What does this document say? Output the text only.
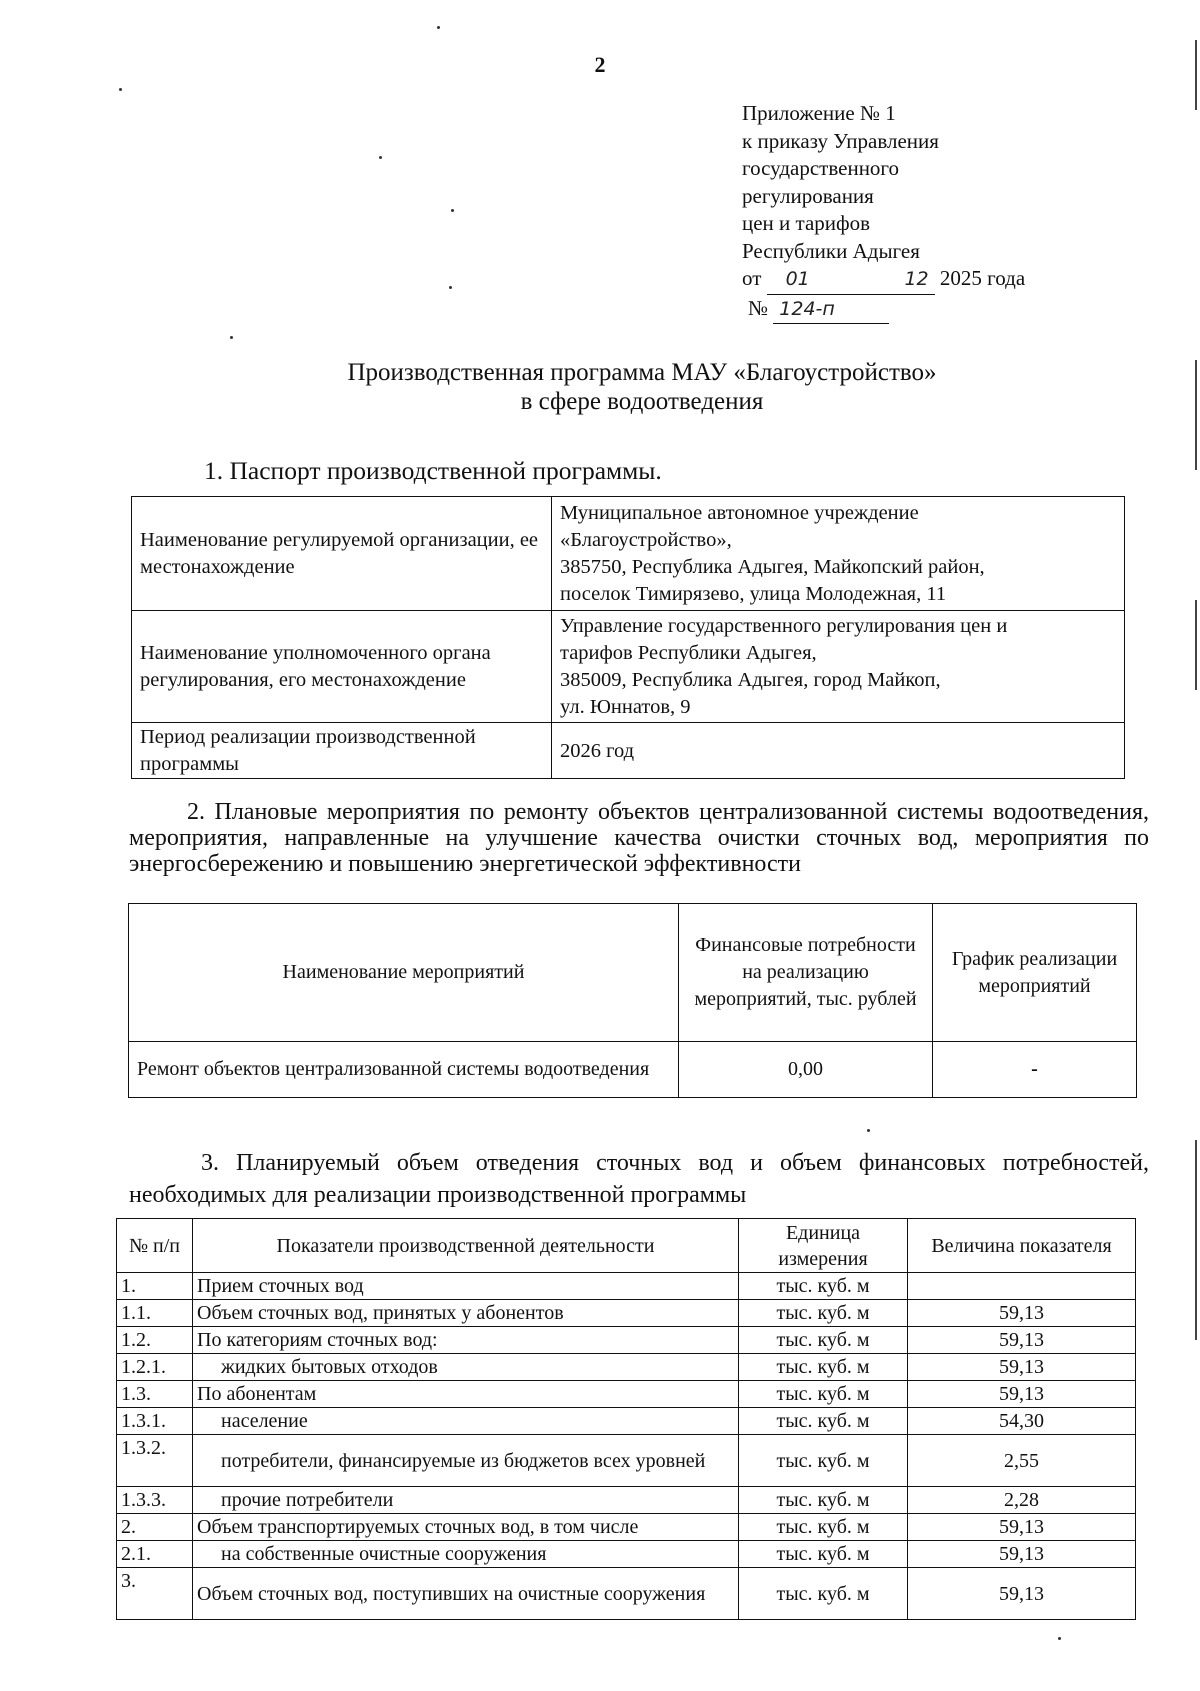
2
Приложение № 1
к приказу Управления
государственного
регулирования
цен и тарифов
Республики Адыгея
от 01	12 2025 года
№ 124-п
Производственная программа МАУ «Благоустройство»
в сфере водоотведения
1. Паспорт производственной программы.
Наименование регулируемой организации, ее местонахождение	Муниципальное автономное учреждение
«Благоустройство»,
385750, Республика Адыгея, Майкопский район,
поселок Тимирязево, улица Молодежная, 11

Наименование уполномоченного органа регулирования, его местонахождение	Управление государственного регулирования цен и
тарифов Республики Адыгея,
385009, Республика Адыгея, город Майкоп,
ул. Юннатов, 9

Период реализации производственной программы	2026 год
2. Плановые мероприятия по ремонту объектов централизованной системы водоотведения, мероприятия, направленные на улучшение качества очистки сточных вод, мероприятия по энергосбережению и повышению энергетической эффективности
Наименование мероприятий	Финансовые потребности на реализацию мероприятий, тыс. рублей	График реализации мероприятий
Ремонт объектов централизованной системы водоотведения	0,00	-
3. Планируемый объем отведения сточных вод и объем финансовых потребностей, необходимых для реализации производственной программы
№ п/п	Показатели производственной деятельности	Единица измерения	Величина показателя
1.	Прием сточных вод	тыс. куб. м	
1.1.	Объем сточных вод, принятых у абонентов	тыс. куб. м	59,13
1.2.	По категориям сточных вод:	тыс. куб. м	59,13
1.2.1.	жидких бытовых отходов	тыс. куб. м	59,13
1.3.	По абонентам	тыс. куб. м	59,13
1.3.1.	население	тыс. куб. м	54,30
1.3.2.	потребители, финансируемые из бюджетов всех уровней	тыс. куб. м	2,55
1.3.3.	прочие потребители	тыс. куб. м	2,28
2.	Объем транспортируемых сточных вод, в том числе	тыс. куб. м	59,13
2.1.	на собственные очистные сооружения	тыс. куб. м	59,13
3.	Объем сточных вод, поступивших на очистные сооружения	тыс. куб. м	59,13
